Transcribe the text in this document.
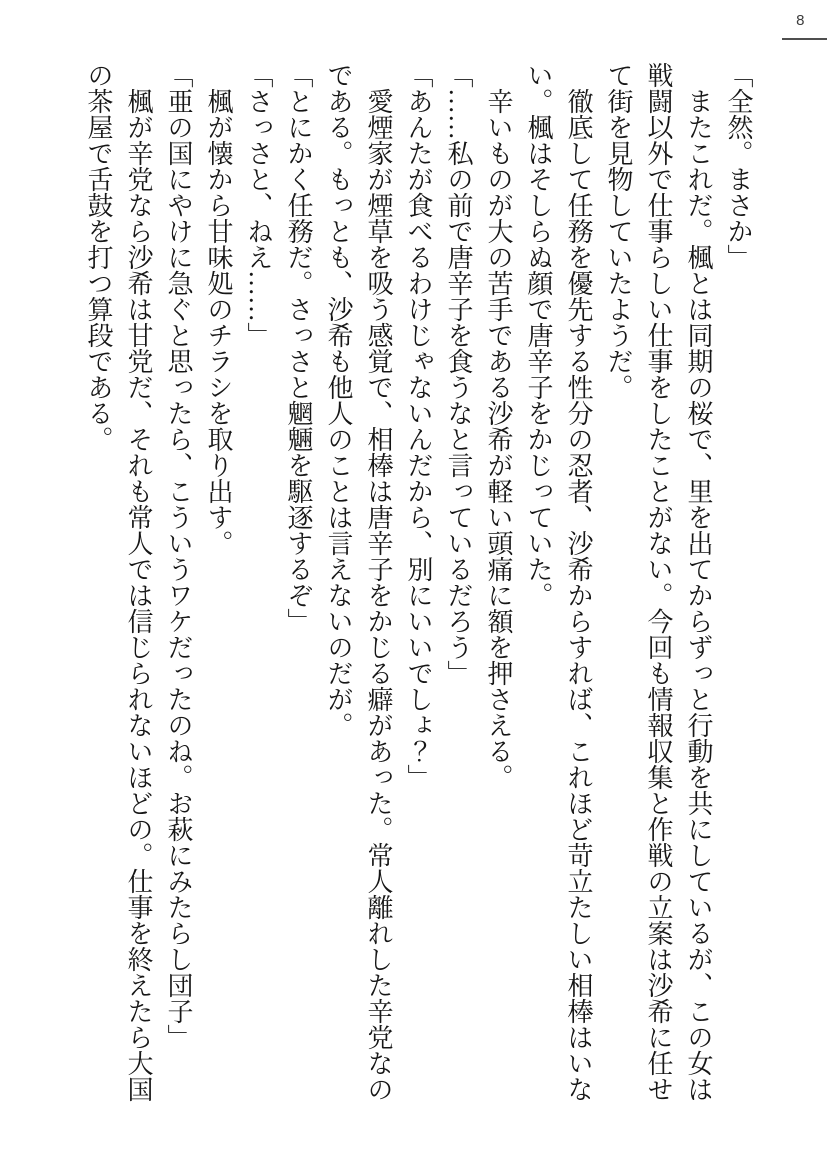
8

「全然。まさか」

またこれだ。楓とは同期の桜で、里を出てからずっと行動を共にしているが、この女は戦闘以外で仕事らしい仕事をしたことがない。今回も情報収集と作戦の立案は沙希に任せて街を見物していたようだ。

徹底して任務を優先する性分の忍者、沙希からすれば、これほど苛立たしい相棒はいない。楓はそしらぬ顔で唐辛子をかじっていた。

辛いものが大の苦手である沙希が軽い頭痛に額を押さえる。

「……私の前で唐辛子を食うなと言っているだろう」

「あんたが食べるわけじゃないんだから、別にいいでしょ？」

愛煙家が煙草を吸う感覚で、相棒は唐辛子をかじる癖があった。常人離れした辛党なのである。もっとも、沙希も他人のことは言えないのだが。

「とにかく任務だ。さっさと魍魎を駆逐するぞ」

「さっさと、ねえ……」

楓が懐から甘味処のチラシを取り出す。

「亜の国にやけに急ぐと思ったら、こういうワケだったのね。お萩にみたらし団子」

楓が辛党なら沙希は甘党だ、それも常人では信じられないほどの。仕事を終えたら大国の茶屋で舌鼓を打つ算段である。
